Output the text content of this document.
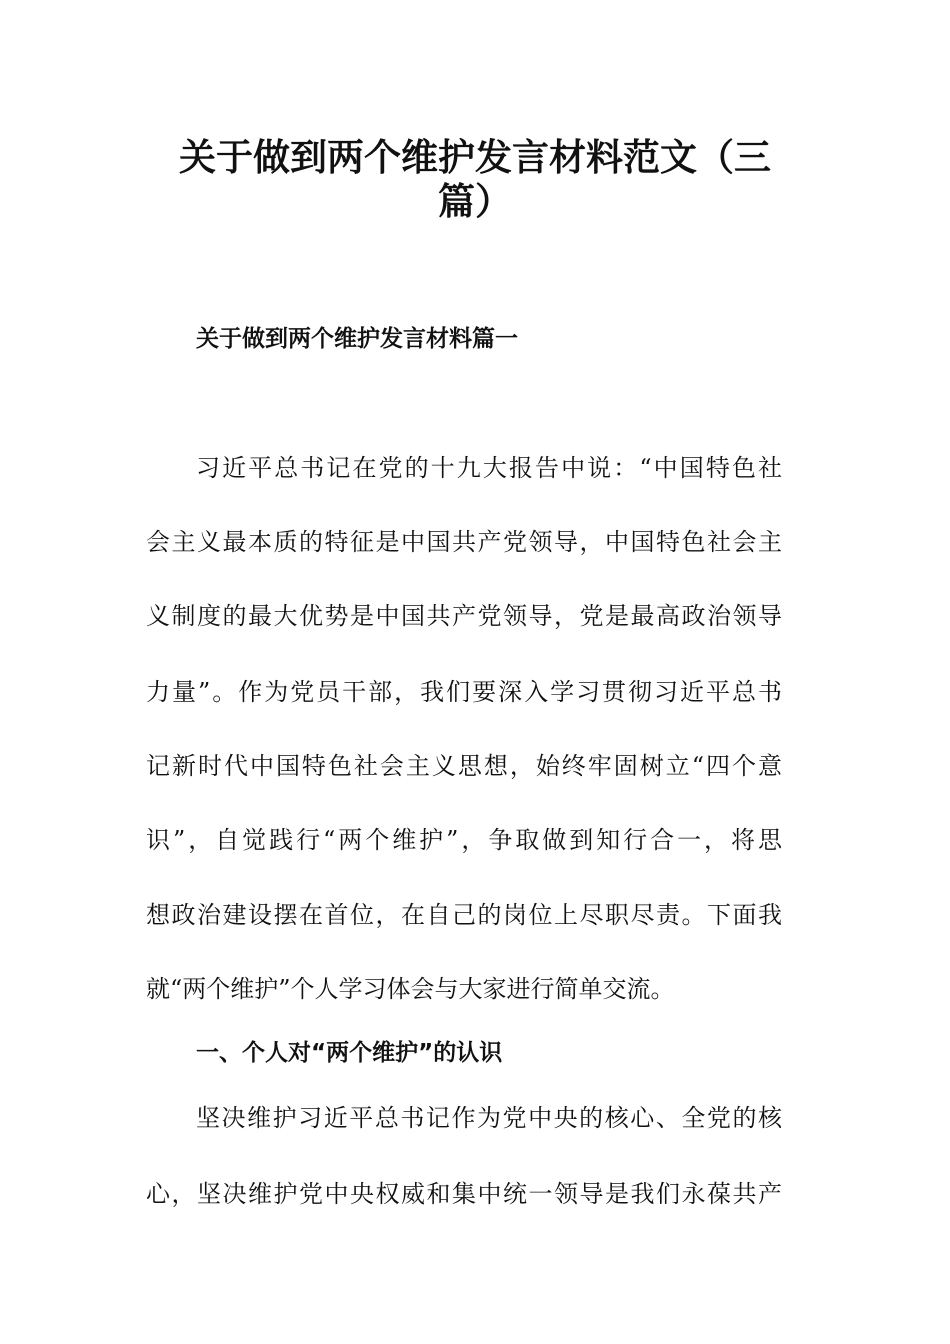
关于做到两个维护发言材料范文（三
篇）
关于做到两个维护发言材料篇一
习近平总书记在党的十九大报告中说：“中国特色社
会主义最本质的特征是中国共产党领导，中国特色社会主
义制度的最大优势是中国共产党领导，党是最高政治领导
力量”。作为党员干部，我们要深入学习贯彻习近平总书
记新时代中国特色社会主义思想，始终牢固树立“四个意
识”，自觉践行“两个维护”，争取做到知行合一，将思
想政治建设摆在首位，在自己的岗位上尽职尽责。下面我
就“两个维护”个人学习体会与大家进行简单交流。
一、个人对“两个维护”的认识
坚决维护习近平总书记作为党中央的核心、全党的核
心，坚决维护党中央权威和集中统一领导是我们永葆共产
